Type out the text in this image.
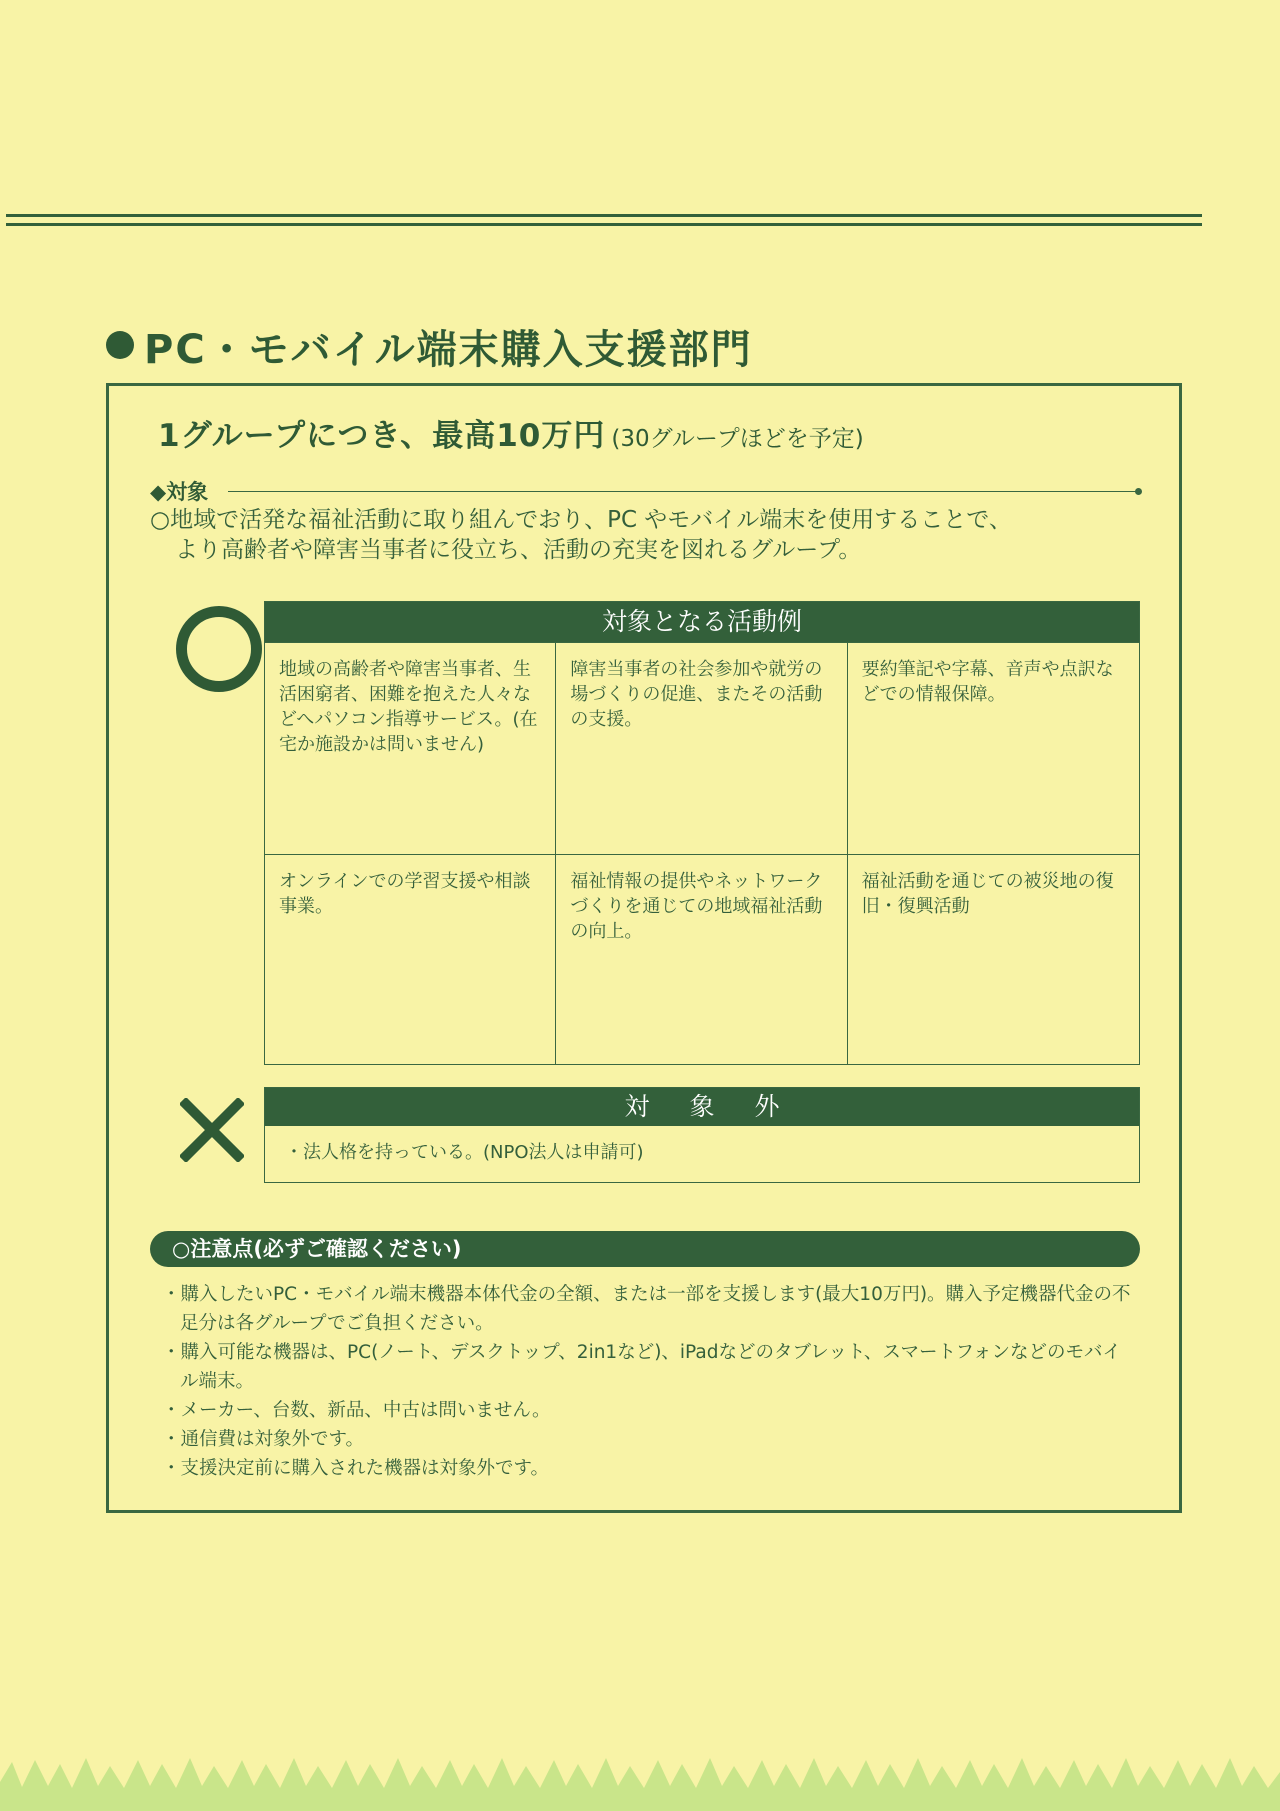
PC・モバイル端末購入支援部門
1グループにつき、最高10万円 (30グループほどを予定)
◆対象
○地域で活発な福祉活動に取り組んでおり、PC やモバイル端末を使用することで、
より高齢者や障害当事者に役立ち、活動の充実を図れるグループ。
対象となる活動例
地域の高齢者や障害当事者、生活困窮者、困難を抱えた人々などへパソコン指導サービス。(在宅か施設かは問いません)
障害当事者の社会参加や就労の場づくりの促進、またその活動の支援。
要約筆記や字幕、音声や点訳などでの情報保障。
オンラインでの学習支援や相談事業。
福祉情報の提供やネットワークづくりを通じての地域福祉活動の向上。
福祉活動を通じての被災地の復旧・復興活動
対象外
・法人格を持っている。(NPO法人は申請可)
○注意点(必ずご確認ください)
・購入したいPC・モバイル端末機器本体代金の全額、または一部を支援します(最大10万円)。購入予定機器代金の不足分は各グループでご負担ください。
・購入可能な機器は、PC(ノート、デスクトップ、2in1など)、iPadなどのタブレット、スマートフォンなどのモバイル端末。
・メーカー、台数、新品、中古は問いません。
・通信費は対象外です。
・支援決定前に購入された機器は対象外です。
